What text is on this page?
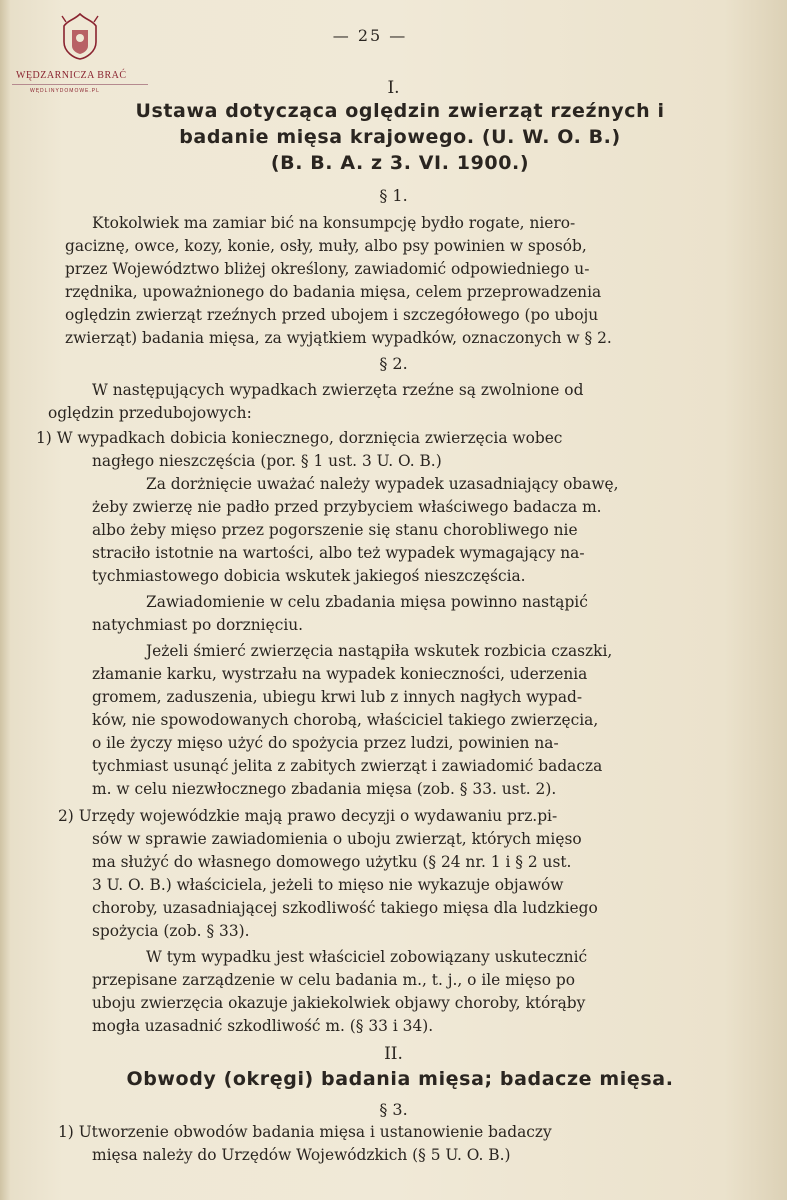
WĘDZARNICZA BRAĆ
WĘDLINYDOMOWE.PL
— 25 —
I.
Ustawa dotycząca oględzin zwierząt rzeźnych i
badanie mięsa krajowego. (U. W. O. B.)
(B. B. A. z 3. VI. 1900.)
§ 1.
Ktokolwiek ma zamiar bić na konsumpcję bydło rogate, niero-
gaciznę, owce, kozy, konie, osły, muły, albo psy powinien w sposób,
przez Województwo bliżej określony, zawiadomić odpowiedniego u-
rzędnika, upoważnionego do badania mięsa, celem przeprowadzenia
oględzin zwierząt rzeźnych przed ubojem i szczegółowego (po uboju
zwierząt) badania mięsa, za wyjątkiem wypadków, oznaczonych w § 2.
§ 2.
W następujących wypadkach zwierzęta rzeźne są zwolnione od
oględzin przedubojowych:
1) W wypadkach dobicia koniecznego, dorznięcia zwierzęcia wobec
nagłego nieszczęścia (por. § 1 ust. 3 U. O. B.)
Za dorżnięcie uważać należy wypadek uzasadniający obawę,
żeby zwierzę nie padło przed przybyciem właściwego badacza m.
albo żeby mięso przez pogorszenie się stanu chorobliwego nie
straciło istotnie na wartości, albo też wypadek wymagający na-
tychmiastowego dobicia wskutek jakiegoś nieszczęścia.
Zawiadomienie w celu zbadania mięsa powinno nastąpić
natychmiast po dorznięciu.
Jeżeli śmierć zwierzęcia nastąpiła wskutek rozbicia czaszki,
złamanie karku, wystrzału na wypadek konieczności, uderzenia
gromem, zaduszenia, ubiegu krwi lub z innych nagłych wypad-
ków, nie spowodowanych chorobą, właściciel takiego zwierzęcia,
o ile życzy mięso użyć do spożycia przez ludzi, powinien na-
tychmiast usunąć jelita z zabitych zwierząt i zawiadomić badacza
m. w celu niezwłocznego zbadania mięsa (zob. § 33. ust. 2).
2) Urzędy wojewódzkie mają prawo decyzji o wydawaniu prz.pi-
sów w sprawie zawiadomienia o uboju zwierząt, których mięso
ma służyć do własnego domowego użytku (§ 24 nr. 1 i § 2 ust.
3 U. O. B.) właściciela, jeżeli to mięso nie wykazuje objawów
choroby, uzasadniającej szkodliwość takiego mięsa dla ludzkiego
spożycia (zob. § 33).
W tym wypadku jest właściciel zobowiązany uskutecznić
przepisane zarządzenie w celu badania m., t. j., o ile mięso po
uboju zwierzęcia okazuje jakiekolwiek objawy choroby, którąby
mogła uzasadnić szkodliwość m. (§ 33 i 34).
II.
Obwody (okręgi) badania mięsa; badacze mięsa.
§ 3.
1) Utworzenie obwodów badania mięsa i ustanowienie badaczy
mięsa należy do Urzędów Wojewódzkich (§ 5 U. O. B.)
